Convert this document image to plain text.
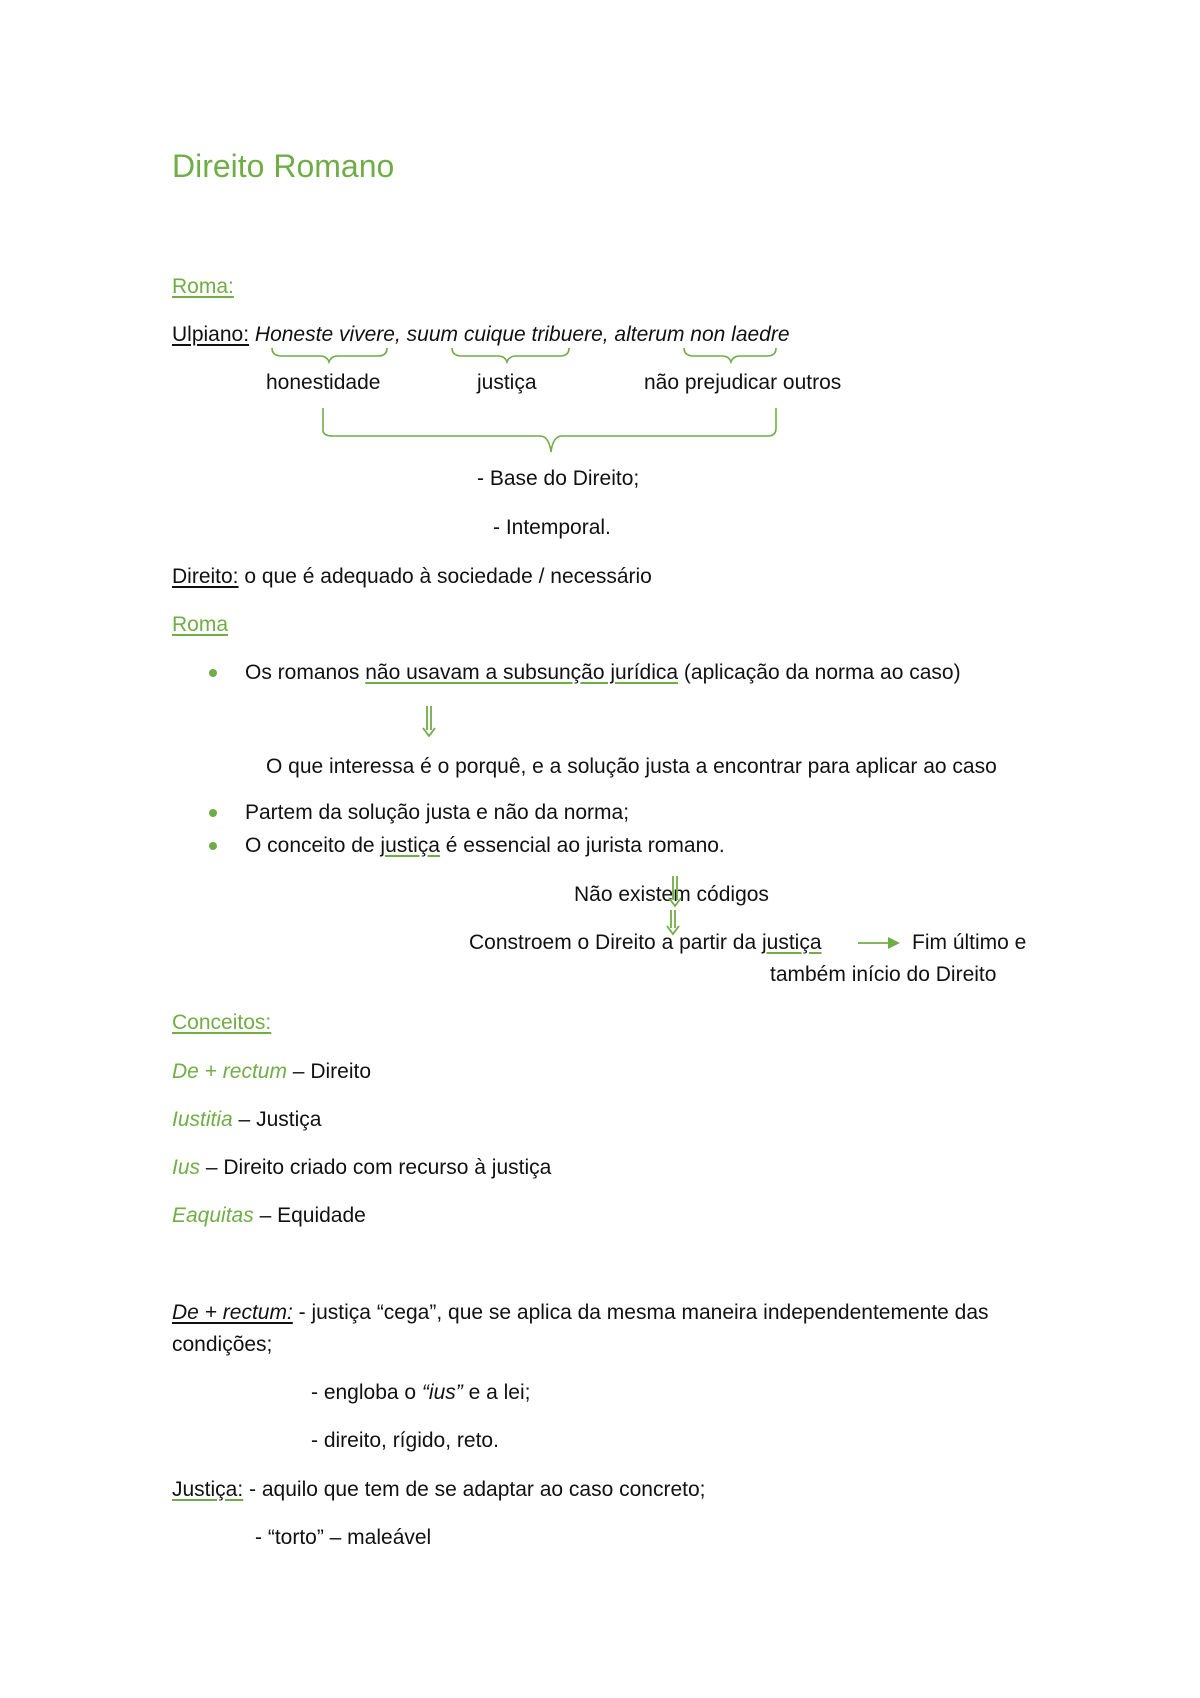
Direito Romano
Roma:
Ulpiano: Honeste vivere, suum cuique tribuere, alterum non laedre
honestidade	justiça	não prejudicar outros
- Base do Direito;
- Intemporal.
Direito: o que é adequado à sociedade / necessário
Roma
Os romanos não usavam a subsunção jurídica (aplicação da norma ao caso)
O que interessa é o porquê, e a solução justa a encontrar para aplicar ao caso
Partem da solução justa e não da norma;
O conceito de justiça é essencial ao jurista romano.
Não existem códigos
Constroem o Direito a partir da justiça	Fim último e
também início do Direito
Conceitos:
De + rectum – Direito
Iustitia – Justiça
Ius – Direito criado com recurso à justiça
Eaquitas – Equidade
De + rectum: - justiça “cega”, que se aplica da mesma maneira independentemente das
condições;
- engloba o “ius” e a lei;
- direito, rígido, reto.
Justiça: - aquilo que tem de se adaptar ao caso concreto;
- “torto” – maleável
